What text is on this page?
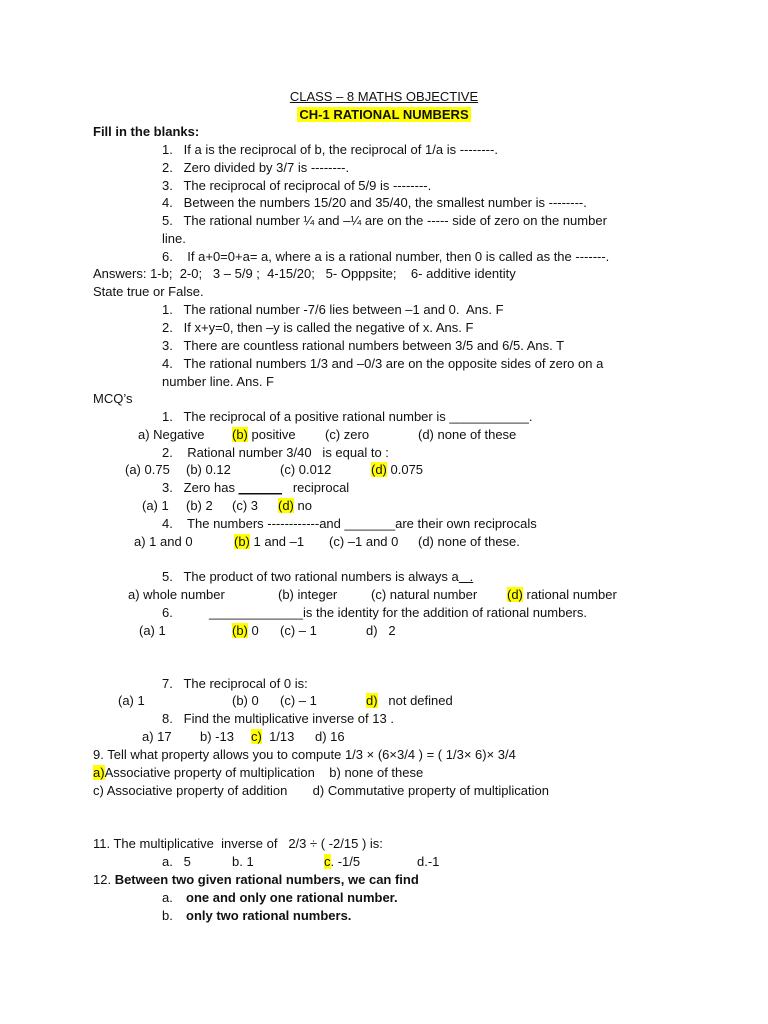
CLASS – 8 MATHS OBJECTIVE
CH-1 RATIONAL NUMBERS
Fill in the blanks:
1.   If a is the reciprocal of b, the reciprocal of 1/a is --------.
2.   Zero divided by 3/7 is --------.
3.   The reciprocal of reciprocal of 5/9 is --------.
4.   Between the numbers 15/20 and 35/40, the smallest number is --------.
5.   The rational number ¼ and –¼ are on the ----- side of zero on the number
line.
6.    If a+0=0+a= a, where a is a rational number, then 0 is called as the -------.
Answers: 1-b;  2-0;   3 – 5/9 ;  4-15/20;   5- Opppsite;    6- additive identity
State true or False.
1.   The rational number -7/6 lies between –1 and 0.  Ans. F
2.   If x+y=0, then –y is called the negative of x. Ans. F
3.   There are countless rational numbers between 3/5 and 6/5. Ans. T
4.   The rational numbers 1/3 and –0/3 are on the opposite sides of zero on a
number line. Ans. F
MCQ’s
1.   The reciprocal of a positive rational number is ___________.
a) Negative (b) positive (c) zero	(d) none of these
2.    Rational number 3/40   is equal to :
(a) 0.75 (b) 0.12	(c) 0.012	(d) 0.075
3.   Zero has ______   reciprocal
(a) 1 (b) 2 (c) 3 (d) no
4.    The numbers ------------and _______are their own reciprocals
a) 1 and 0	(b) 1 and –1 (c) –1 and 0 (d) none of these.
5.   The product of two rational numbers is always a   .
a) whole number	(b) integer	(c) natural number (d) rational number
6.	_____________is the identity for the addition of rational numbers.
(a) 1	(b) 0 (c) – 1	d)   2
7.   The reciprocal of 0 is:
(a) 1	(b) 0 (c) – 1	d)   not defined
8.   Find the multiplicative inverse of 13 .
a) 17 b) -13 c)  1/13 d) 16
9. Tell what property allows you to compute 1/3 × (6×3/4 ) = ( 1/3× 6)× 3/4
a)Associative property of multiplication    b) none of these
c) Associative property of addition       d) Commutative property of multiplication
11. The multiplicative  inverse of   2/3 ÷ ( -2/15 ) is:
a.   5	b. 1	c. -1/5	d.-1
12. Between two given rational numbers, we can find
a. one and only one rational number.
b. only two rational numbers.
